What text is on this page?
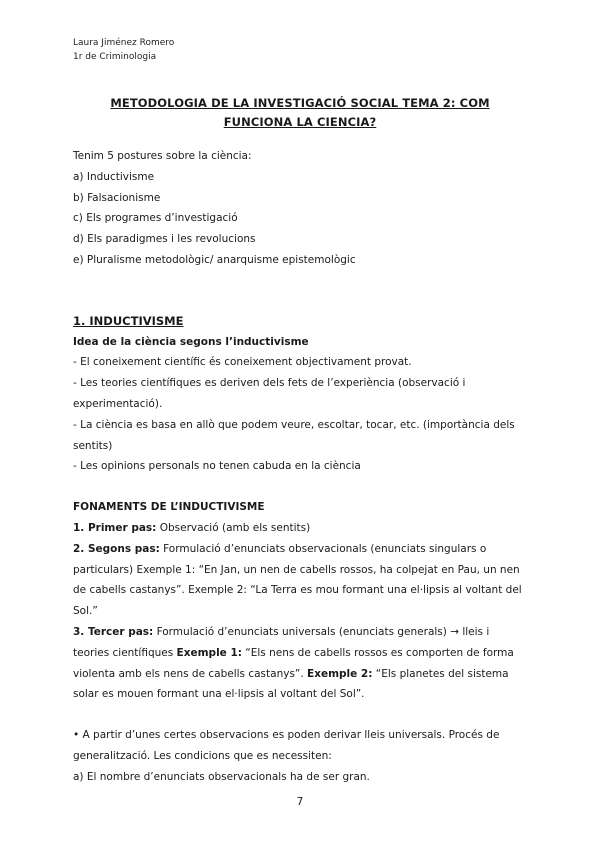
Laura Jiménez Romero
1r de Criminologia
METODOLOGIA DE LA INVESTIGACIÓ SOCIAL TEMA 2: COM
FUNCIONA LA CIENCIA?
Tenim 5 postures sobre la ciència:
a) Inductivisme
b) Falsacionisme
c) Els programes d’investigació
d) Els paradigmes i les revolucions
e) Pluralisme metodològic/ anarquisme epistemològic
1. INDUCTIVISME
Idea de la ciència segons l’inductivisme
- El coneixement científic és coneixement objectivament provat.
- Les teories científiques es deriven dels fets de l’experiència (observació i
experimentació).
- La ciència es basa en allò que podem veure, escoltar, tocar, etc. (importància dels
sentits)
- Les opinions personals no tenen cabuda en la ciència
FONAMENTS DE L’INDUCTIVISME
1. Primer pas: Observació (amb els sentits)
2. Segons pas: Formulació d’enunciats observacionals (enunciats singulars o
particulars) Exemple 1: “En Jan, un nen de cabells rossos, ha colpejat en Pau, un nen
de cabells castanys”. Exemple 2: “La Terra es mou formant una el·lipsis al voltant del
Sol.”
3. Tercer pas: Formulació d’enunciats universals (enunciats generals) → lleis i
teories científiques Exemple 1: “Els nens de cabells rossos es comporten de forma
violenta amb els nens de cabells castanys”. Exemple 2: “Els planetes del sistema
solar es mouen formant una el·lipsis al voltant del Sol”.
• A partir d’unes certes observacions es poden derivar lleis universals. Procés de
generalització. Les condicions que es necessiten:
a) El nombre d’enunciats observacionals ha de ser gran.
7
